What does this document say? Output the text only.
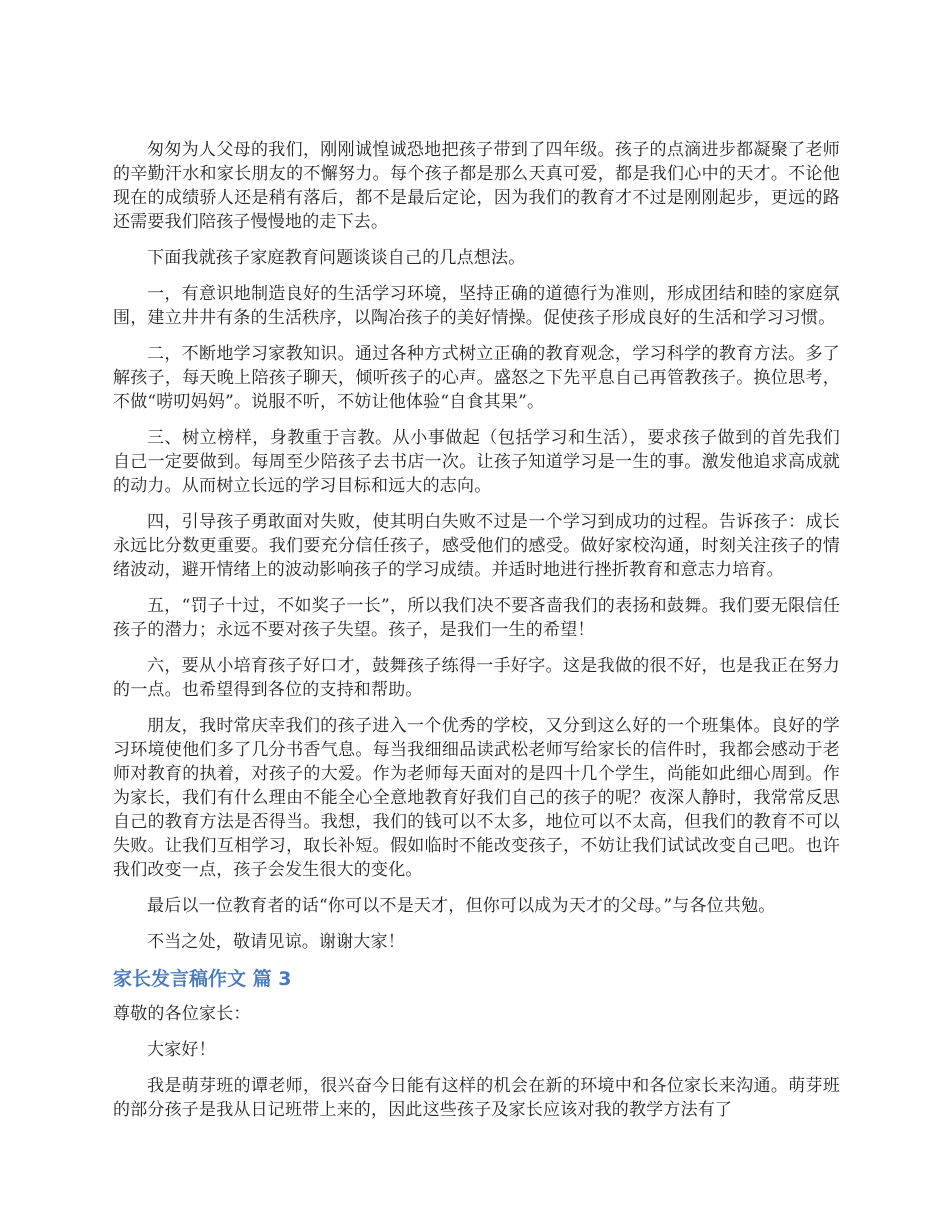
匆匆为人父母的我们，刚刚诚惶诚恐地把孩子带到了四年级。孩子的点滴进步都凝聚了老师的辛勤汗水和家长朋友的不懈努力。每个孩子都是那么天真可爱，都是我们心中的天才。不论他现在的成绩骄人还是稍有落后，都不是最后定论，因为我们的教育才不过是刚刚起步，更远的路还需要我们陪孩子慢慢地的走下去。

下面我就孩子家庭教育问题谈谈自己的几点想法。

一，有意识地制造良好的生活学习环境，坚持正确的道德行为准则，形成团结和睦的家庭氛围，建立井井有条的生活秩序，以陶冶孩子的美好情操。促使孩子形成良好的生活和学习习惯。

二，不断地学习家教知识。通过各种方式树立正确的教育观念，学习科学的教育方法。多了解孩子，每天晚上陪孩子聊天，倾听孩子的心声。盛怒之下先平息自己再管教孩子。换位思考，不做“唠叨妈妈”。说服不听，不妨让他体验“自食其果”。

三、树立榜样，身教重于言教。从小事做起（包括学习和生活），要求孩子做到的首先我们自己一定要做到。每周至少陪孩子去书店一次。让孩子知道学习是一生的事。激发他追求高成就的动力。从而树立长远的学习目标和远大的志向。

四，引导孩子勇敢面对失败，使其明白失败不过是一个学习到成功的过程。告诉孩子：成长永远比分数更重要。我们要充分信任孩子，感受他们的感受。做好家校沟通，时刻关注孩子的情绪波动，避开情绪上的波动影响孩子的学习成绩。并适时地进行挫折教育和意志力培育。

五，“罚子十过，不如奖子一长”，所以我们决不要吝啬我们的表扬和鼓舞。我们要无限信任孩子的潜力；永远不要对孩子失望。孩子，是我们一生的希望！

六，要从小培育孩子好口才，鼓舞孩子练得一手好字。这是我做的很不好，也是我正在努力的一点。也希望得到各位的支持和帮助。

朋友，我时常庆幸我们的孩子进入一个优秀的学校，又分到这么好的一个班集体。良好的学习环境使他们多了几分书香气息。每当我细细品读武松老师写给家长的信件时，我都会感动于老师对教育的执着，对孩子的大爱。作为老师每天面对的是四十几个学生，尚能如此细心周到。作为家长，我们有什么理由不能全心全意地教育好我们自己的孩子的呢？夜深人静时，我常常反思自己的教育方法是否得当。我想，我们的钱可以不太多，地位可以不太高，但我们的教育不可以失败。让我们互相学习，取长补短。假如临时不能改变孩子，不妨让我们试试改变自己吧。也许我们改变一点，孩子会发生很大的变化。

最后以一位教育者的话“你可以不是天才，但你可以成为天才的父母。”与各位共勉。

不当之处，敬请见谅。谢谢大家！

家长发言稿作文 篇 3

尊敬的各位家长：

大家好！

我是萌芽班的谭老师，很兴奋今日能有这样的机会在新的环境中和各位家长来沟通。萌芽班的部分孩子是我从日记班带上来的，因此这些孩子及家长应该对我的教学方法有了
